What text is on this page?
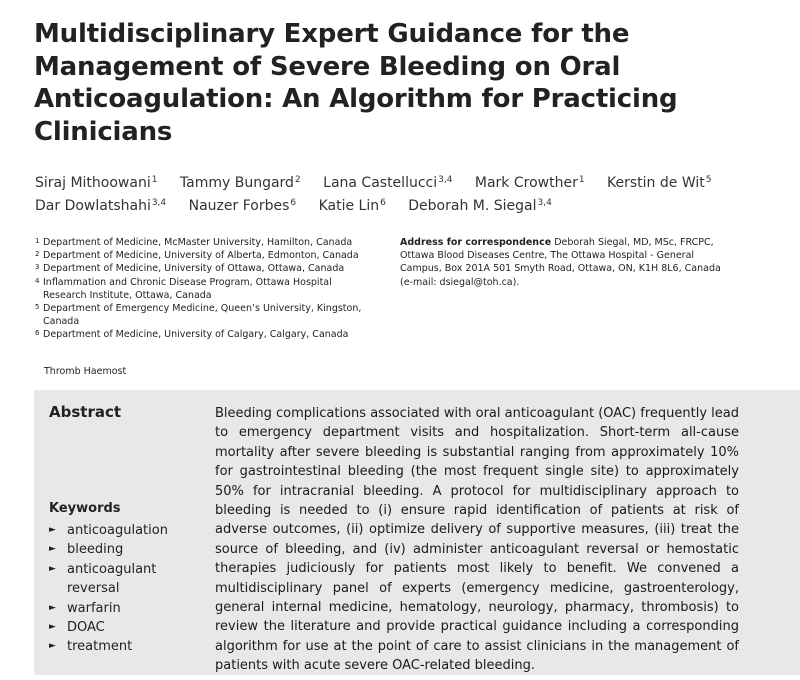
Multidisciplinary Expert Guidance for the Management of Severe Bleeding on Oral Anticoagulation: An Algorithm for Practicing Clinicians
Siraj Mithoowani$^1$ Tammy Bungard$^2$ Lana Castellucci$^{3,4}$ Mark Crowther$^1$ Kerstin de Wit$^5$
Dar Dowlatshahi$^{3,4}$ Nauzer Forbes$^6$ Katie Lin$^6$ Deborah M. Siegal$^{3,4}$
1 Department of Medicine, McMaster University, Hamilton, Canada
2 Department of Medicine, University of Alberta, Edmonton, Canada
3 Department of Medicine, University of Ottawa, Ottawa, Canada
4 Inflammation and Chronic Disease Program, Ottawa Hospital
Research Institute, Ottawa, Canada
5 Department of Emergency Medicine, Queen’s University, Kingston,
Canada
6 Department of Medicine, University of Calgary, Calgary, Canada
Address for correspondence Deborah Siegal, MD, MSc, FRCPC,
Ottawa Blood Diseases Centre, The Ottawa Hospital - General
Campus, Box 201A 501 Smyth Road, Ottawa, ON, K1H 8L6, Canada
(e-mail: dsiegal@toh.ca).
Thromb Haemost
Abstract
Keywords
► anticoagulation
► bleeding
► anticoagulant reversal
► warfarin
► DOAC
► treatment

Bleeding complications associated with oral anticoagulant (OAC) frequently lead to emergency department visits and hospitalization. Short-term all-cause mortality after severe bleeding is substantial ranging from approximately 10% for gastrointestinal bleeding (the most frequent single site) to approximately 50% for intracranial bleeding. A protocol for multidisciplinary approach to bleeding is needed to (i) ensure rapid identification of patients at risk of adverse outcomes, (ii) optimize delivery of supportive measures, (iii) treat the source of bleeding, and (iv) administer anticoagulant reversal or hemostatic therapies judiciously for patients most likely to benefit. We convened a multidisciplinary panel of experts (emergency medicine, gastroenterology, general internal medicine, hematology, neurology, pharmacy, thrombosis) to review the literature and provide practical guidance including a corresponding algorithm for use at the point of care to assist clinicians in the management of patients with acute severe OAC-related bleeding.
